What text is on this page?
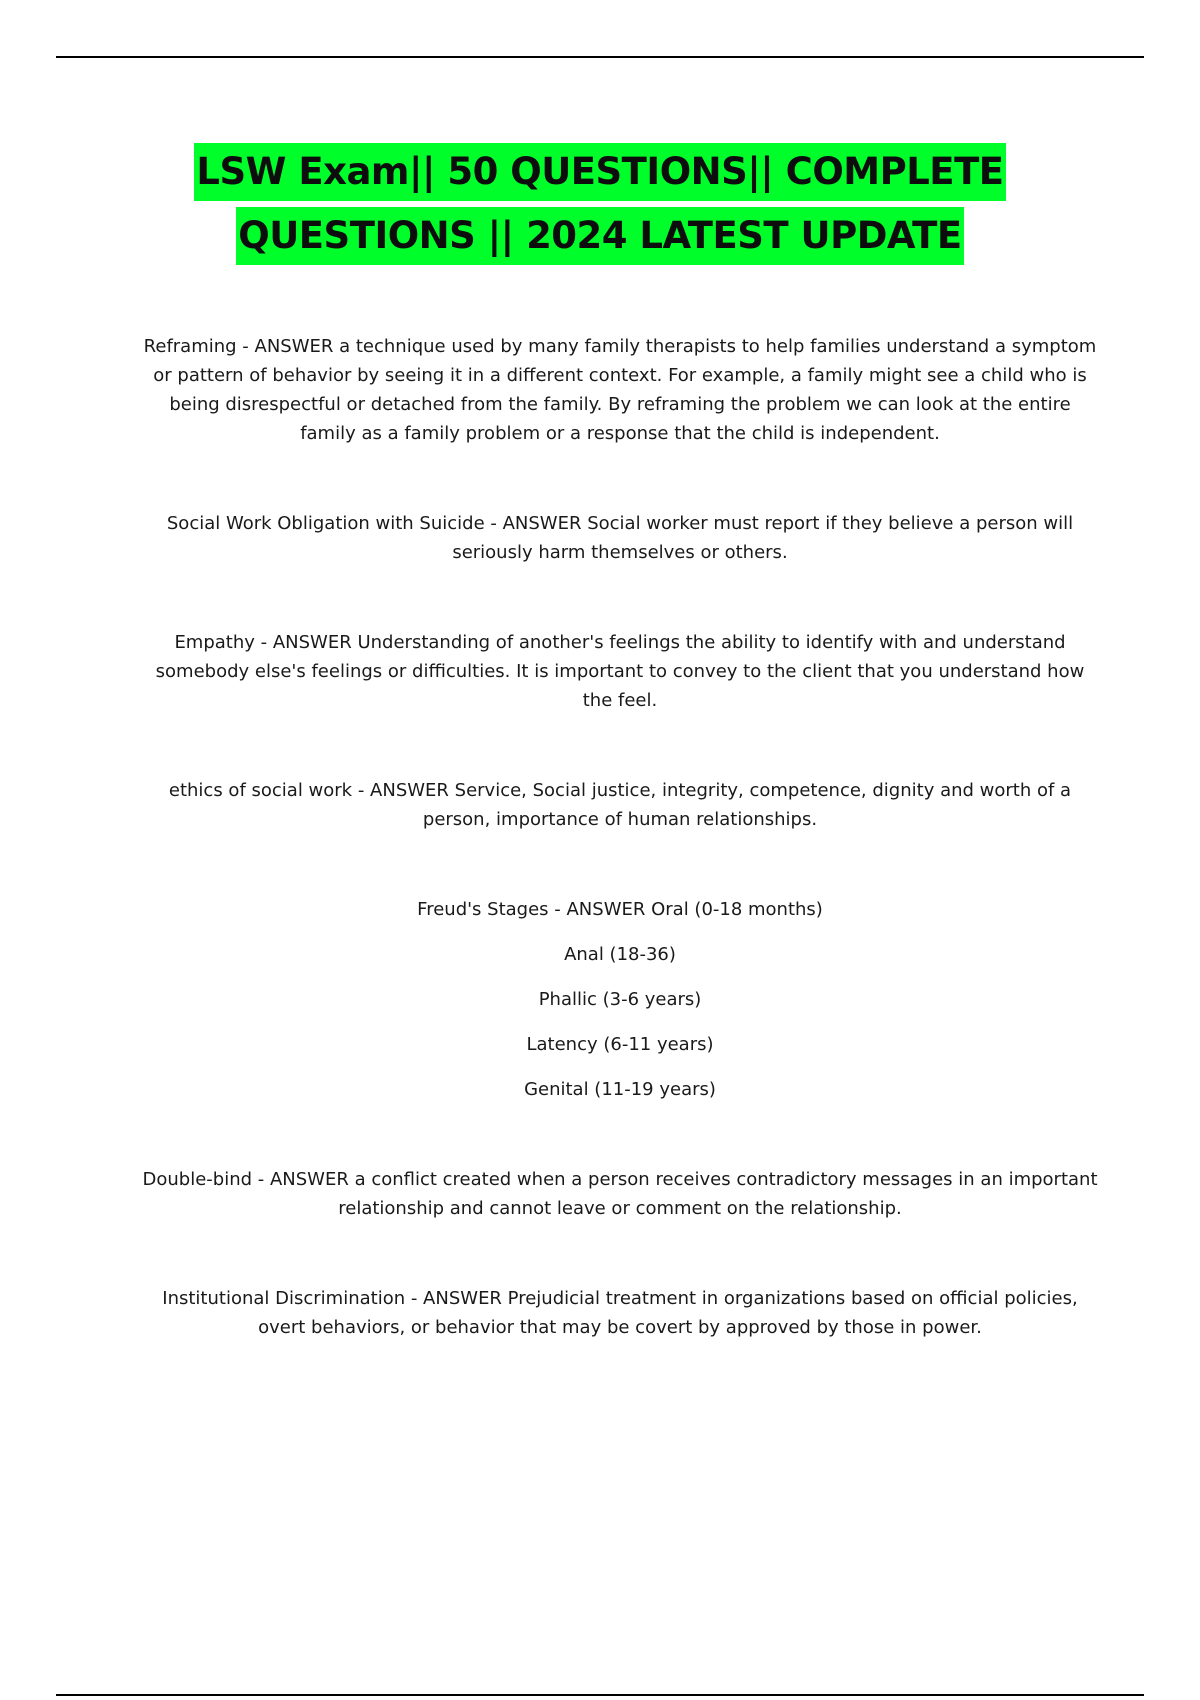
LSW Exam|| 50 QUESTIONS|| COMPLETE
QUESTIONS || 2024 LATEST UPDATE

Reframing - ANSWER a technique used by many family therapists to help families understand a symptom or pattern of behavior by seeing it in a different context. For example, a family might see a child who is being disrespectful or detached from the family. By reframing the problem we can look at the entire family as a family problem or a response that the child is independent.

Social Work Obligation with Suicide - ANSWER Social worker must report if they believe a person will seriously harm themselves or others.

Empathy - ANSWER Understanding of another's feelings the ability to identify with and understand somebody else's feelings or difficulties. It is important to convey to the client that you understand how the feel.

ethics of social work - ANSWER Service, Social justice, integrity, competence, dignity and worth of a person, importance of human relationships.

Freud's Stages - ANSWER Oral (0-18 months)

Anal (18-36)

Phallic (3-6 years)

Latency (6-11 years)

Genital (11-19 years)

Double-bind - ANSWER a conflict created when a person receives contradictory messages in an important relationship and cannot leave or comment on the relationship.

Institutional Discrimination - ANSWER Prejudicial treatment in organizations based on official policies, overt behaviors, or behavior that may be covert by approved by those in power.
